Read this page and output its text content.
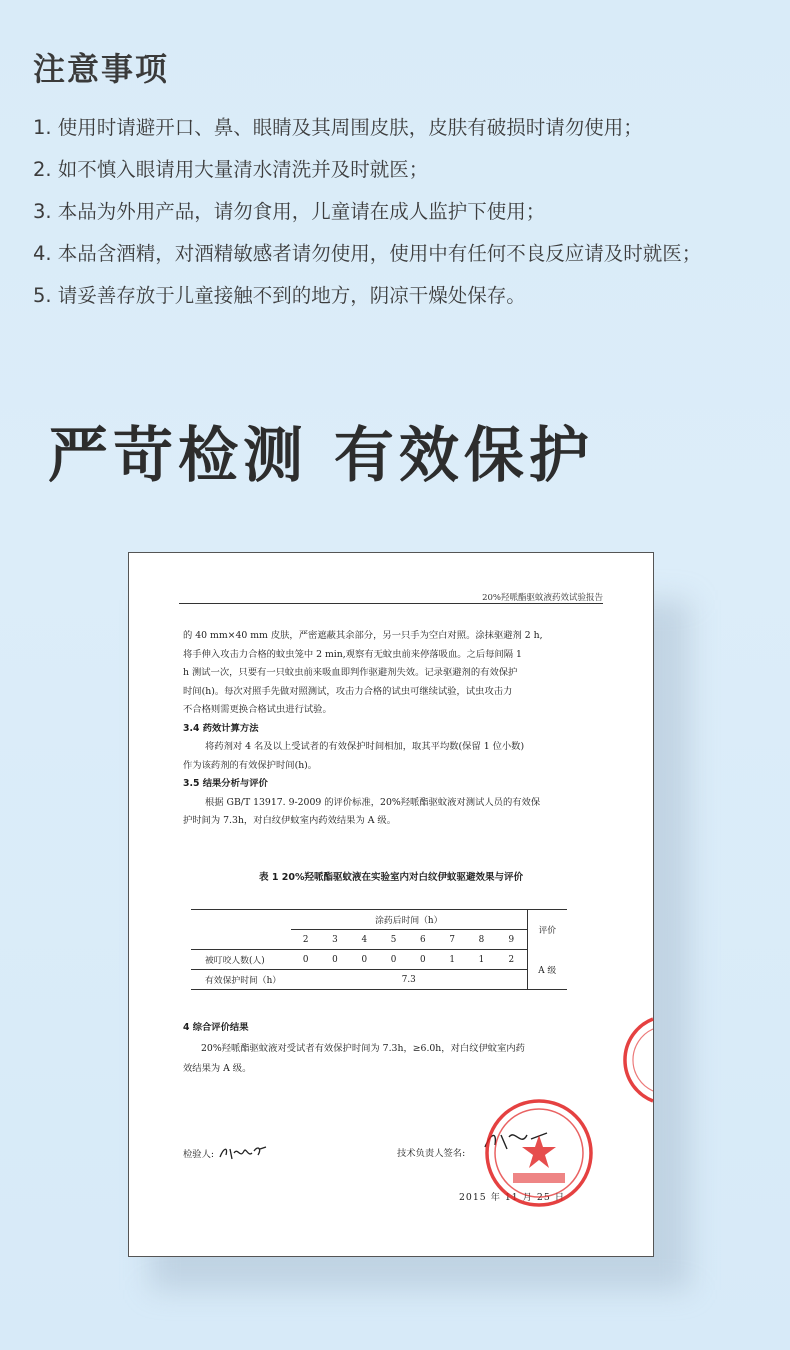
注意事项
1. 使用时请避开口、鼻、眼睛及其周围皮肤，皮肤有破损时请勿使用；
2. 如不慎入眼请用大量清水清洗并及时就医；
3. 本品为外用产品，请勿食用，儿童请在成人监护下使用；
4. 本品含酒精，对酒精敏感者请勿使用，使用中有任何不良反应请及时就医；
5. 请妥善存放于儿童接触不到的地方，阴凉干燥处保存。
严苛检测 有效保护
20%羟哌酯驱蚊液药效试验报告

的 40 mm×40 mm 皮肤，严密遮蔽其余部分，另一只手为空白对照。涂抹驱避剂 2 h,

将手伸入攻击力合格的蚊虫笼中 2 min,观察有无蚊虫前来停落吸血。之后每间隔 1

h 测试一次，只要有一只蚊虫前来吸血即判作驱避剂失效。记录驱避剂的有效保护

时间(h)。每次对照手先做对照测试，攻击力合格的试虫可继续试验，试虫攻击力

不合格则需更换合格试虫进行试验。

3.4 药效计算方法

将药剂对 4 名及以上受试者的有效保护时间相加，取其平均数(保留 1 位小数)

作为该药剂的有效保护时间(h)。

3.5 结果分析与评价

根据 GB/T 13917. 9-2009 的评价标准，20%羟哌酯驱蚊液对测试人员的有效保

护时间为 7.3h，对白纹伊蚊室内药效结果为 A 级。

表 1 20%羟哌酯驱蚊液在实验室内对白纹伊蚊驱避效果与评价
	涂药后时间（h）								评价
	2	3	4	5	6	7	8	9	
被叮咬人数(人)	0	0	0	0	0	1	1	2	A 级
有效保护时间（h）	7.3								
4 综合评价结果

20%羟哌酯驱蚊液对受试者有效保护时间为 7.3h，≥6.0h，对白纹伊蚊室内药

效结果为 A 级。

检验人:	技术负责人签名:
2015 年 11 月 25 日
